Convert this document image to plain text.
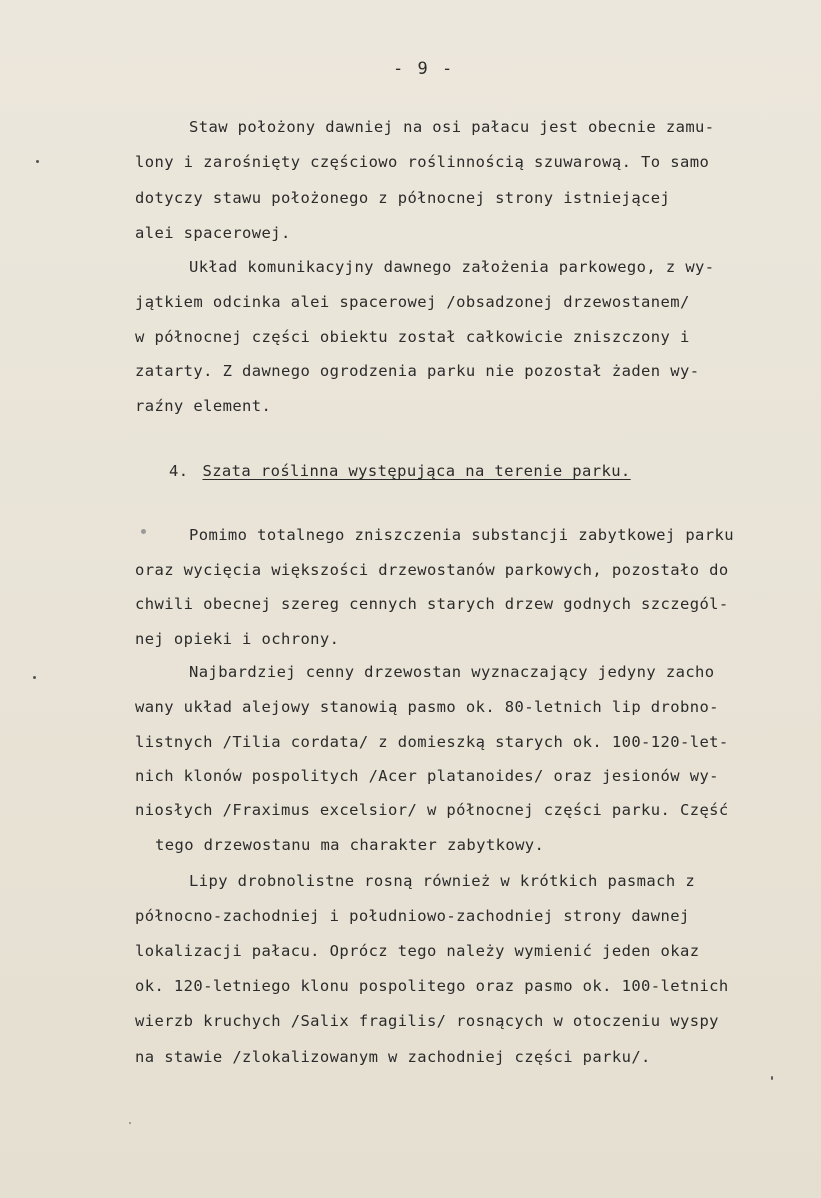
- 9 -
Staw położony dawniej na osi pałacu jest obecnie zamu-
lony i zarośnięty częściowo roślinnością szuwarową. To samo
dotyczy stawu położonego z północnej strony istniejącej
alei spacerowej.
Układ komunikacyjny dawnego założenia parkowego, z wy-
jątkiem odcinka alei spacerowej /obsadzonej drzewostanem/
w północnej części obiektu został całkowicie zniszczony i
zatarty. Z dawnego ogrodzenia parku nie pozostał żaden wy-
raźny element.
4. Szata roślinna występująca na terenie parku.
Pomimo totalnego zniszczenia substancji zabytkowej parku
oraz wycięcia większości drzewostanów parkowych, pozostało do
chwili obecnej szereg cennych starych drzew godnych szczegól-
nej opieki i ochrony.
Najbardziej cenny drzewostan wyznaczający jedyny zacho
wany układ alejowy stanowią pasmo ok. 80-letnich lip drobno-
listnych /Tilia cordata/ z domieszką starych ok. 100-120-let-
nich klonów pospolitych /Acer platanoides/ oraz jesionów wy-
niosłych /Fraximus excelsior/ w północnej części parku. Część
tego drzewostanu ma charakter zabytkowy.
Lipy drobnolistne rosną również w krótkich pasmach z
północno-zachodniej i południowo-zachodniej strony dawnej
lokalizacji pałacu. Oprócz tego należy wymienić jeden okaz
ok. 120-letniego klonu pospolitego oraz pasmo ok. 100-letnich
wierzb kruchych /Salix fragilis/ rosnących w otoczeniu wyspy
na stawie /zlokalizowanym w zachodniej części parku/.
